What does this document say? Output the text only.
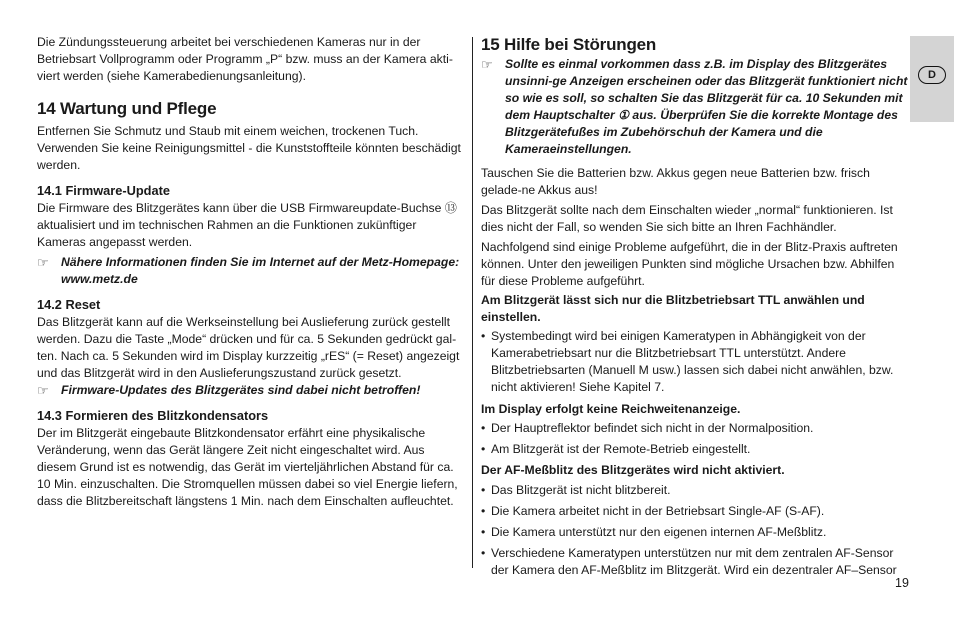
Die Zündungssteuerung arbeitet bei verschiedenen Kameras nur in der Betriebsart Vollprogramm oder Programm „P“ bzw. muss an der Kamera akti-viert werden (siehe Kamerabedienungsanleitung).

14 Wartung und Pflege

Entfernen Sie Schmutz und Staub mit einem weichen, trockenen Tuch. Verwenden Sie keine Reinigungsmittel - die Kunststoffteile könnten beschädigt werden.

14.1 Firmware-Update

Die Firmware des Blitzgerätes kann über die USB Firmwareupdate-Buchse ⑬ aktualisiert und im technischen Rahmen an die Funktionen zukünftiger Kameras angepasst werden.

☞	Nähere Informationen finden Sie im Internet auf der Metz-Homepage: www.metz.de
14.2 Reset

Das Blitzgerät kann auf die Werkseinstellung bei Auslieferung zurück gestellt werden. Dazu die Taste „Mode“ drücken und für ca. 5 Sekunden gedrückt gal-ten. Nach ca. 5 Sekunden wird im Display kurzzeitig „rES“ (= Reset) angezeigt und das Blitzgerät wird in den Auslieferungszustand zurück gesetzt.

☞	Firmware-Updates des Blitzgerätes sind dabei nicht betroffen!
14.3 Formieren des Blitzkondensators

Der im Blitzgerät eingebaute Blitzkondensator erfährt eine physikalische Veränderung, wenn das Gerät längere Zeit nicht eingeschaltet wird. Aus diesem Grund ist es notwendig, das Gerät im vierteljährlichen Abstand für ca. 10 Min. einzuschalten. Die Stromquellen müssen dabei so viel Energie liefern, dass die Blitzbereitschaft längstens 1 Min. nach dem Einschalten aufleuchtet.

15 Hilfe bei Störungen
☞	Sollte es einmal vorkommen dass z.B. im Display des Blitzgerätes unsinni-ge Anzeigen erscheinen oder das Blitzgerät funktioniert nicht so wie es soll, so schalten Sie das Blitzgerät für ca. 10 Sekunden mit dem Hauptschalter ① aus. Überprüfen Sie die korrekte Montage des Blitzgerätefußes im Zubehörschuh der Kamera und die Kameraeinstellungen.

Tauschen Sie die Batterien bzw. Akkus gegen neue Batterien bzw. frisch gelade-ne Akkus aus!

Das Blitzgerät sollte nach dem Einschalten wieder „normal“ funktionieren. Ist dies nicht der Fall, so wenden Sie sich bitte an Ihren Fachhändler.

Nachfolgend sind einige Probleme aufgeführt, die in der Blitz-Praxis auftreten können. Unter den jeweiligen Punkten sind mögliche Ursachen bzw. Abhilfen für diese Probleme aufgeführt.

Am Blitzgerät lässt sich nur die Blitzbetriebsart TTL anwählen und einstellen.

• Systembedingt wird bei einigen Kameratypen in Abhängigkeit von der Kamerabetriebsart nur die Blitzbetriebsart TTL unterstützt. Andere Blitzbetriebsarten (Manuell M usw.) lassen sich dabei nicht anwählen, bzw. nicht aktivieren! Siehe Kapitel 7.

Im Display erfolgt keine Reichweitenanzeige.

• Der Hauptreflektor befindet sich nicht in der Normalposition.
• Am Blitzgerät ist der Remote-Betrieb eingestellt.

Der AF-Meßblitz des Blitzgerätes wird nicht aktiviert.

• Das Blitzgerät ist nicht blitzbereit.
• Die Kamera arbeitet nicht in der Betriebsart Single-AF (S-AF).
• Die Kamera unterstützt nur den eigenen internen AF-Meßblitz.
• Verschiedene Kameratypen unterstützen nur mit dem zentralen AF-Sensor der Kamera den AF-Meßblitz im Blitzgerät. Wird ein dezentraler AF–Sensor
D
19
